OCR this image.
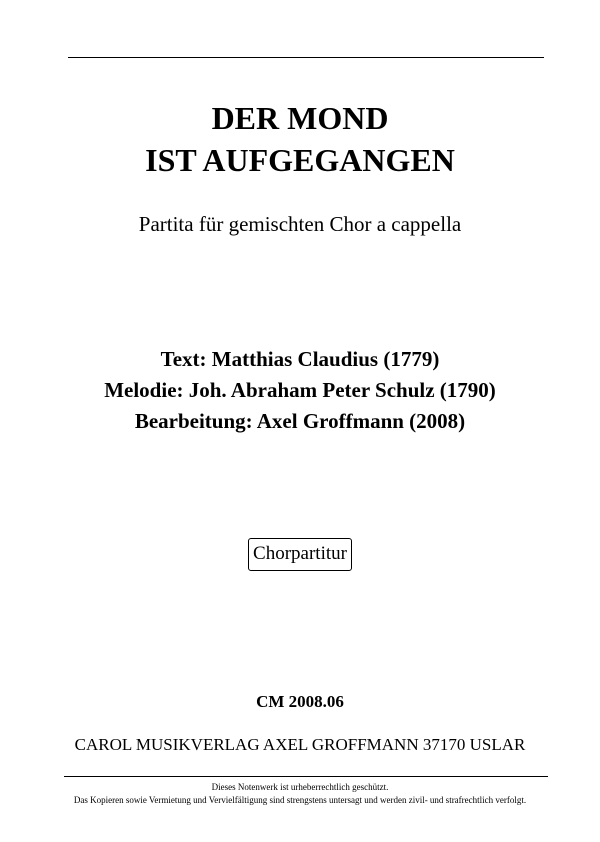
DER MOND
IST AUFGEGANGEN
Partita für gemischten Chor a cappella
Text: Matthias Claudius (1779)
Melodie: Joh. Abraham Peter Schulz (1790)
Bearbeitung: Axel Groffmann (2008)
Chorpartitur
CM 2008.06
CAROL MUSIKVERLAG AXEL GROFFMANN 37170 USLAR
Dieses Notenwerk ist urheberrechtlich geschützt.
Das Kopieren sowie Vermietung und Vervielfältigung sind strengstens untersagt und werden zivil- und strafrechtlich verfolgt.
